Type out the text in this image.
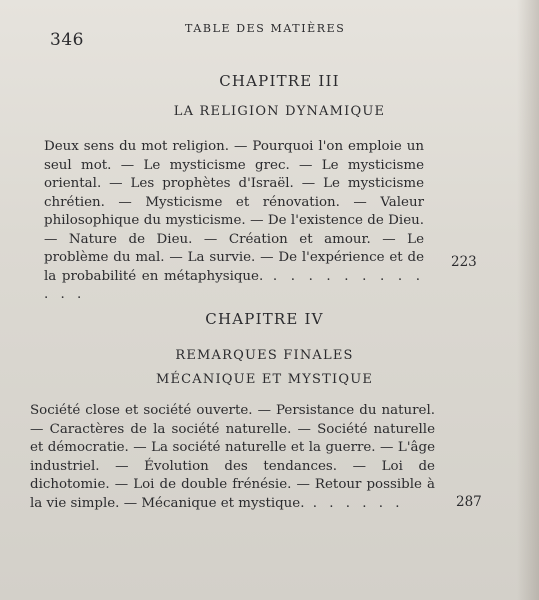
346
TABLE DES MATIÈRES
CHAPITRE III
LA RELIGION DYNAMIQUE
Deux sens du mot religion. — Pourquoi l'on emploie un seul mot. — Le mysticisme grec. — Le mysticisme oriental. — Les prophètes d'Israël. — Le mysticisme chrétien. — Mysticisme et rénovation. — Valeur philosophique du mysticisme. — De l'existence de Dieu. — Nature de Dieu. — Création et amour. — Le problème du mal. — La survie. — De l'expérience et de la probabilité en métaphysique. . . . . . . . . . . . .
223
CHAPITRE IV
REMARQUES FINALES
MÉCANIQUE ET MYSTIQUE
Société close et société ouverte. — Persistance du naturel. — Caractères de la société naturelle. — Société naturelle et démocratie. — La société naturelle et la guerre. — L'âge industriel. — Évolution des tendances. — Loi de dichotomie. — Loi de double frénésie. — Retour possible à la vie simple. — Mécanique et mystique. . . . . . .	287
